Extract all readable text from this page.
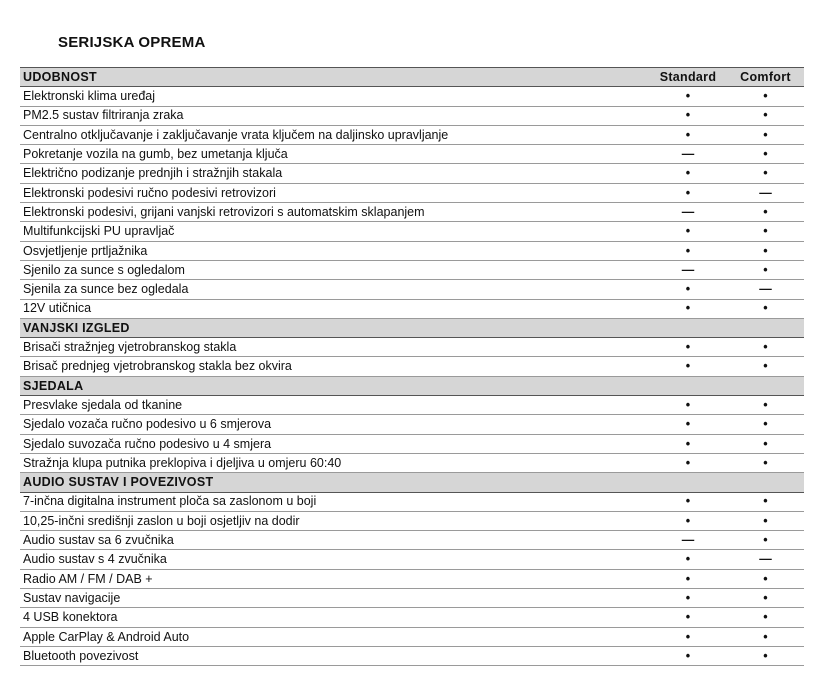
SERIJSKA OPREMA
UDOBNOST	Standard	Comfort
Elektronski klima uređaj	•	•
PM2.5 sustav filtriranja zraka	•	•
Centralno otključavanje i zaključavanje vrata ključem na daljinsko upravljanje	•	•
Pokretanje vozila na gumb, bez umetanja ključa	—	•
Električno podizanje prednjih i stražnjih stakala	•	•
Elektronski podesivi ručno podesivi retrovizori	•	—
Elektronski podesivi, grijani vanjski retrovizori s automatskim sklapanjem	—	•
Multifunkcijski PU upravljač	•	•
Osvjetljenje prtljažnika	•	•
Sjenilo za sunce s ogledalom	—	•
Sjenila za sunce bez ogledala	•	—
12V utičnica	•	•
VANJSKI IZGLED		
Brisači stražnjeg vjetrobranskog stakla	•	•
Brisač prednjeg vjetrobranskog stakla bez okvira	•	•
SJEDALA		
Presvlake sjedala od tkanine	•	•
Sjedalo vozača ručno podesivo u 6 smjerova	•	•
Sjedalo suvozača ručno podesivo u 4 smjera	•	•
Stražnja klupa putnika preklopiva i djeljiva u omjeru 60:40	•	•
AUDIO SUSTAV I POVEZIVOST		
7-inčna digitalna instrument ploča sa zaslonom u boji	•	•
10,25-inčni središnji zaslon u boji osjetljiv na dodir	•	•
Audio sustav sa 6 zvučnika	—	•
Audio sustav s 4 zvučnika	•	—
Radio AM / FM / DAB +	•	•
Sustav navigacije	•	•
4 USB konektora	•	•
Apple CarPlay & Android Auto	•	•
Bluetooth povezivost	•	•
